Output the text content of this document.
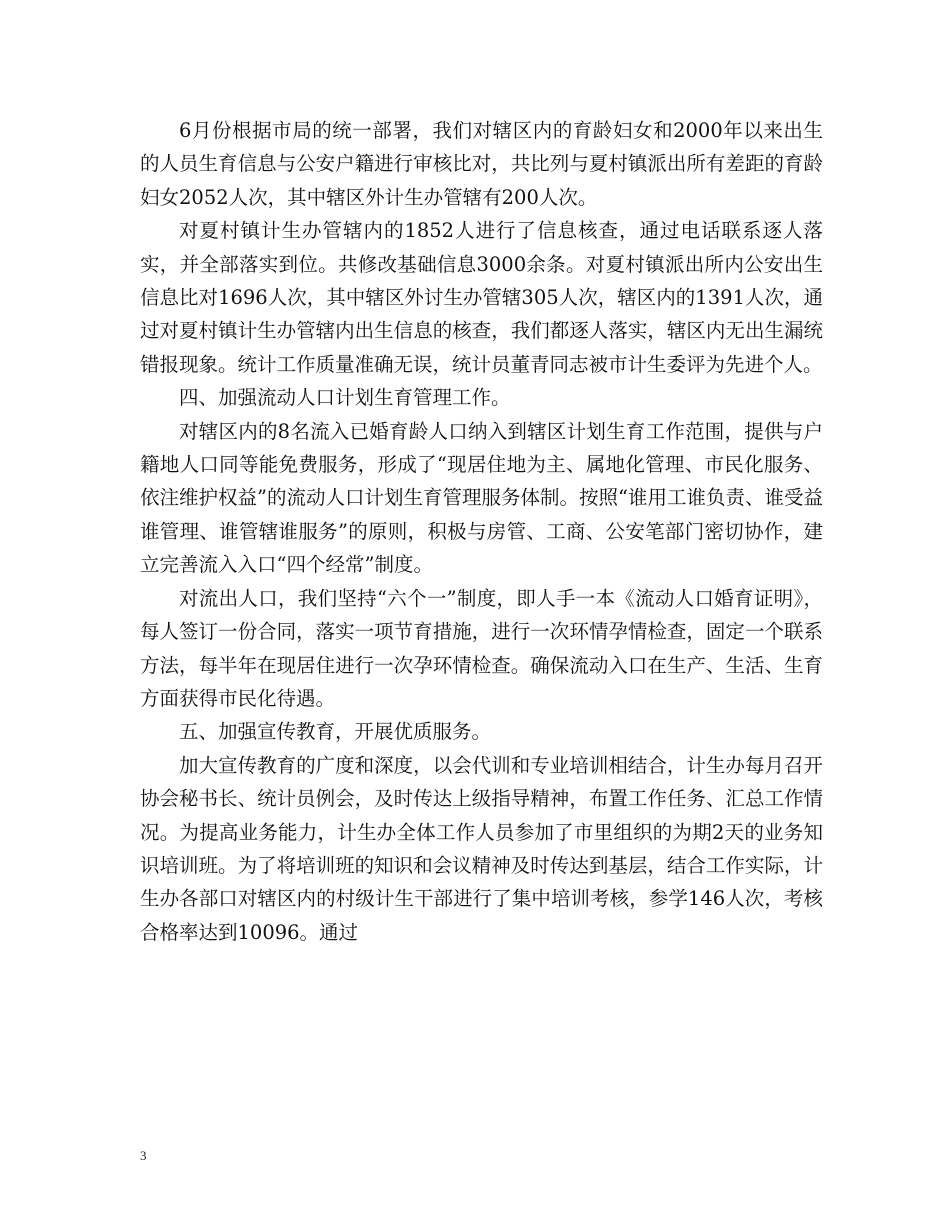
6月份根据市局的统一部署，我们对辖区内的育龄妇女和2000年以来出生的人员生育信息与公安户籍进行审核比对，共比列与夏村镇派出所有差距的育龄妇女2052人次，其中辖区外计生办管辖有200人次。

对夏村镇计生办管辖内的1852人进行了信息核查，通过电话联系逐人落实，并全部落实到位。共修改基础信息3000余条。对夏村镇派出所内公安出生信息比对1696人次，其中辖区外讨生办管辖305人次，辖区内的1391人次，通过对夏村镇计生办管辖内出生信息的核查，我们都逐人落实，辖区内无出生漏统错报现象。统计工作质量准确无误，统计员董青同志被市计生委评为先进个人。

四、加强流动人口计划生育管理工作。

对辖区内的8名流入已婚育龄人口纳入到辖区计划生育工作范围，提供与户籍地人口同等能免费服务，形成了“现居住地为主、属地化管理、市民化服务、依注维护权益”的流动人口计划生育管理服务体制。按照“谁用工谁负责、谁受益谁管理、谁管辖谁服务”的原则，积极与房管、工商、公安笔部门密切协作，建立完善流入入口“四个经常”制度。

对流出人口，我们坚持“六个一”制度，即人手一本《流动人口婚育证明》，每人签订一份合同，落实一项节育措施，进行一次环情孕情检查，固定一个联系方法，每半年在现居住进行一次孕环情检查。确保流动入口在生产、生活、生育方面获得市民化待遇。

五、加强宣传教育，开展优质服务。

加大宣传教育的广度和深度，以会代训和专业培训相结合，计生办每月召开协会秘书长、统计员例会，及时传达上级指导精神，布置工作任务、汇总工作情况。为提高业务能力，计生办全体工作人员参加了市里组织的为期2天的业务知识培训班。为了将培训班的知识和会议精神及时传达到基层，结合工作实际，计生办各部口对辖区内的村级计生干部进行了集中培训考核，参学146人次，考核合格率达到10096。通过

3
